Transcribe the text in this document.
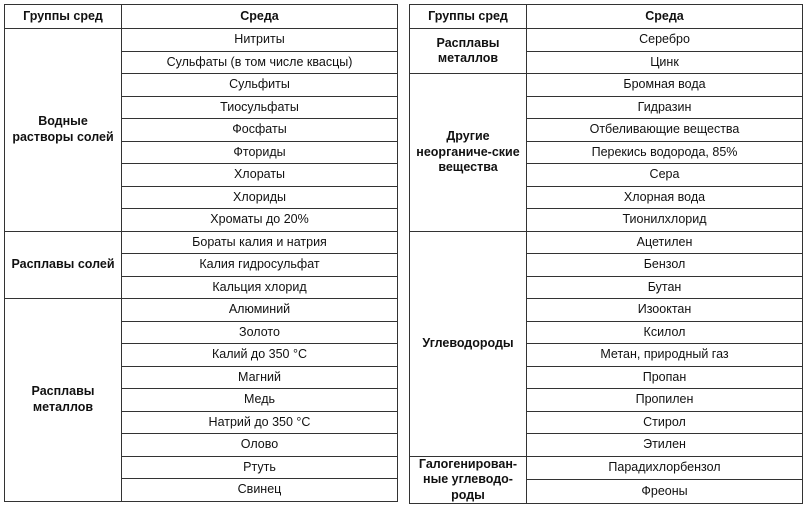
Группы сред	Среда
Водные растворы солей	Нитриты
	Сульфаты (в том числе квасцы)
	Сульфиты
	Тиосульфаты
	Фосфаты
	Фториды
	Хлораты
	Хлориды
	Хроматы до 20%
Расплавы солей	Бораты калия и натрия
	Калия гидросульфат
	Кальция хлорид
Расплавы металлов	Алюминий
	Золото
	Калий до 350 °С
	Магний
	Медь
	Натрий до 350 °С
	Олово
	Ртуть
	Свинец
Группы сред	Среда
Расплавы металлов	Серебро
	Цинк
Другие неорганиче-ские вещества	Бромная вода
	Гидразин
	Отбеливающие вещества
	Перекись водорода, 85%
	Сера
	Хлорная вода
	Тионилхлорид
Углеводороды	Ацетилен
	Бензол
	Бутан
	Изооктан
	Ксилол
	Метан, природный газ
	Пропан
	Пропилен
	Стирол
	Этилен
Галогенирован-ные углеводо-роды	Парадихлорбензол
	Фреоны
